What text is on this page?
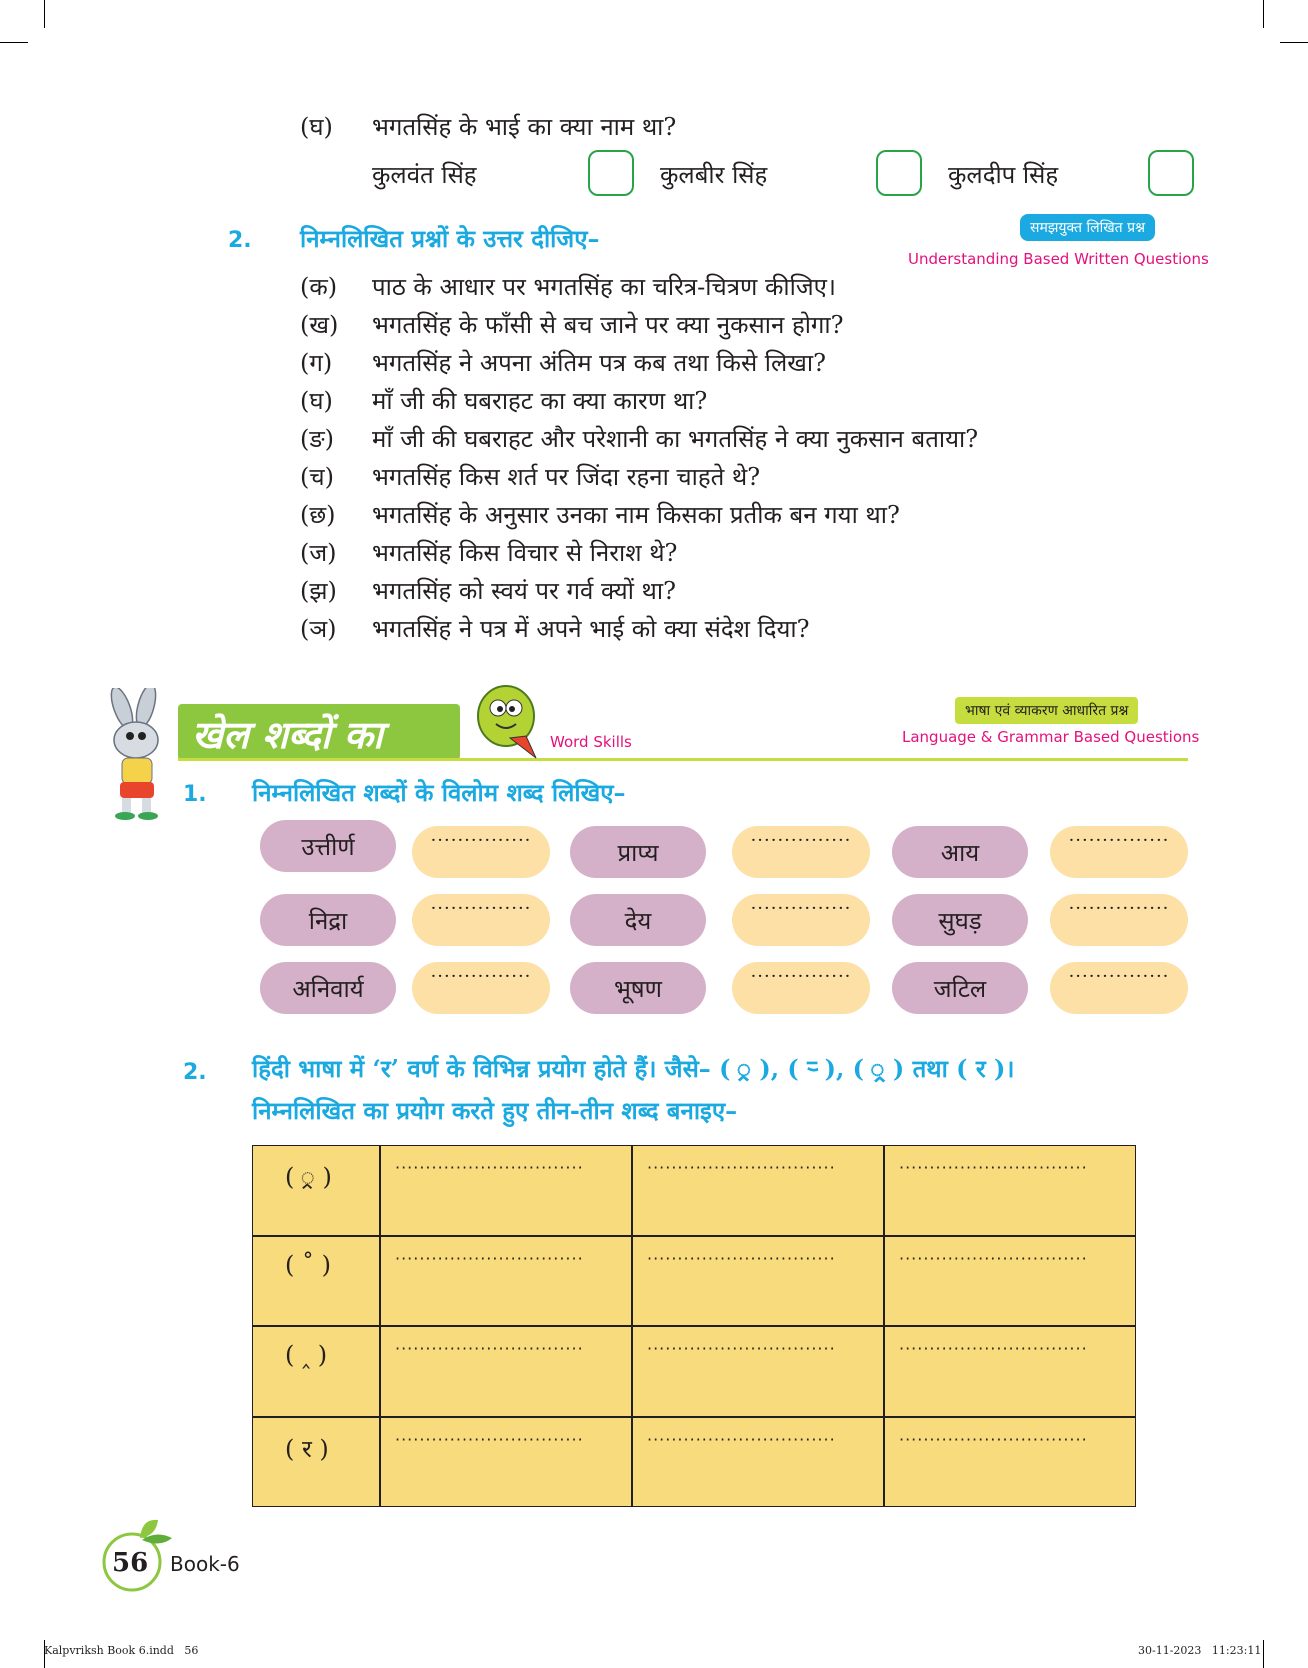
(घ) भगतसिंह के भाई का क्या नाम था?
कुलवंत सिंह	कुलबीर सिंह	कुलदीप सिंह
2. निम्नलिखित प्रश्नों के उत्तर दीजिए–	समझयुक्त लिखित प्रश्न
Understanding Based Written Questions
(क) पाठ के आधार पर भगतसिंह का चरित्र-चित्रण कीजिए।
(ख) भगतसिंह के फाँसी से बच जाने पर क्या नुकसान होगा?
(ग) भगतसिंह ने अपना अंतिम पत्र कब तथा किसे लिखा?
(घ) माँ जी की घबराहट का क्या कारण था?
(ङ) माँ जी की घबराहट और परेशानी का भगतसिंह ने क्या नुकसान बताया?
(च) भगतसिंह किस शर्त पर जिंदा रहना चाहते थे?
(छ) भगतसिंह के अनुसार उनका नाम किसका प्रतीक बन गया था?
(ज) भगतसिंह किस विचार से निराश थे?
(झ) भगतसिंह को स्वयं पर गर्व क्यों था?
(ञ) भगतसिंह ने पत्र में अपने भाई को क्या संदेश दिया?
खेल शब्दों का	Word Skills
भाषा एवं व्याकरण आधारित प्रश्न
Language & Grammar Based Questions
1. निम्नलिखित शब्दों के विलोम शब्द लिखिए–
उत्तीर्ण	···············	प्राप्य	···············	आय	···············
निद्रा	···············	देय	···············	सुघड़	···············
अनिवार्य	···············	भूषण	···············	जटिल	···············
2. हिंदी भाषा में ‘र’ वर्ण के विभिन्न प्रयोग होते हैं। जैसे– ( ्र ), ( र्‍ ), ( ‍्र ) तथा ( र )।
निम्नलिखित का प्रयोग करते हुए तीन-तीन शब्द बनाइए–
( ्र )	·······························	·······························	·······························
( ˚ )	·······························	·······························	·······························
( ‸ )	·······························	·······························	·······························
( र )	·······························	·······························	·······························
56 Book-6
Kalpvriksh Book 6.indd   56	30-11-2023   11:23:11
